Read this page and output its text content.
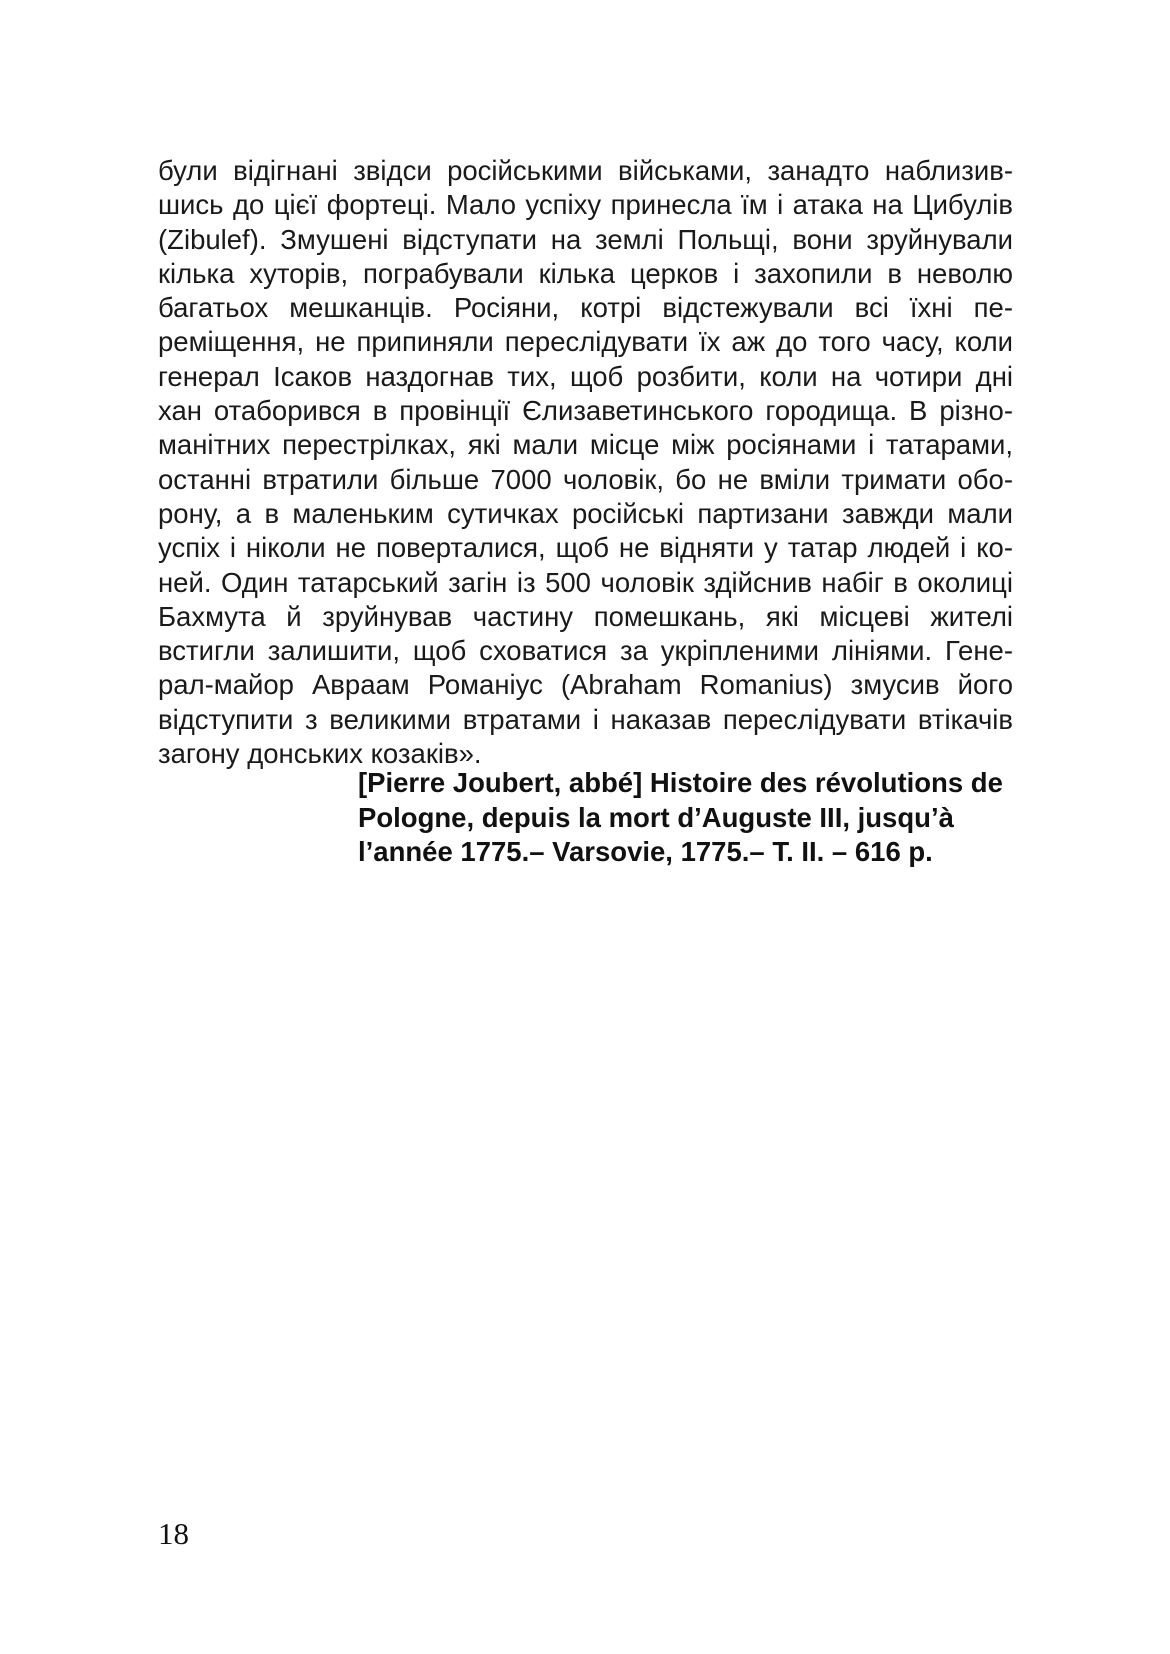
були відігнані звідси російськими військами, занадто наблизив-
шись до цієї фортеці. Мало успіху принесла їм і атака на Цибулів
(Zibulef). Змушені відступати на землі Польщі, вони зруйнували
кілька хуторів, пограбували кілька церков і захопили в неволю
багатьох мешканців. Росіяни, котрі відстежували всі їхні пе-
реміщення, не припиняли переслідувати їх аж до того часу, коли
генерал Ісаков наздогнав тих, щоб розбити, коли на чотири дні
хан отаборився в провінції Єлизаветинського городища. В різно-
манітних перестрілках, які мали місце між росіянами і татарами,
останні втратили більше 7000 чоловік, бо не вміли тримати обо-
рону, а в маленьким сутичках російські партизани завжди мали
успіх і ніколи не поверталися, щоб не відняти у татар людей і ко-
ней. Один татарський загін із 500 чоловік здійснив набіг в околиці
Бахмута й зруйнував частину помешкань, які місцеві жителі
встигли залишити, щоб сховатися за укріпленими лініями. Гене-
рал-майор Авраам Романіус (Abraham Romanius) змусив його
відступити з великими втратами і наказав переслідувати втікачів
загону донських козаків».
[Pierre Joubert, abbé] Histoire des révolutions de
Pologne, depuis la mort d’Auguste III, jusqu’à
l’année 1775.– Varsovie, 1775.– T. II. – 616 p.
18
